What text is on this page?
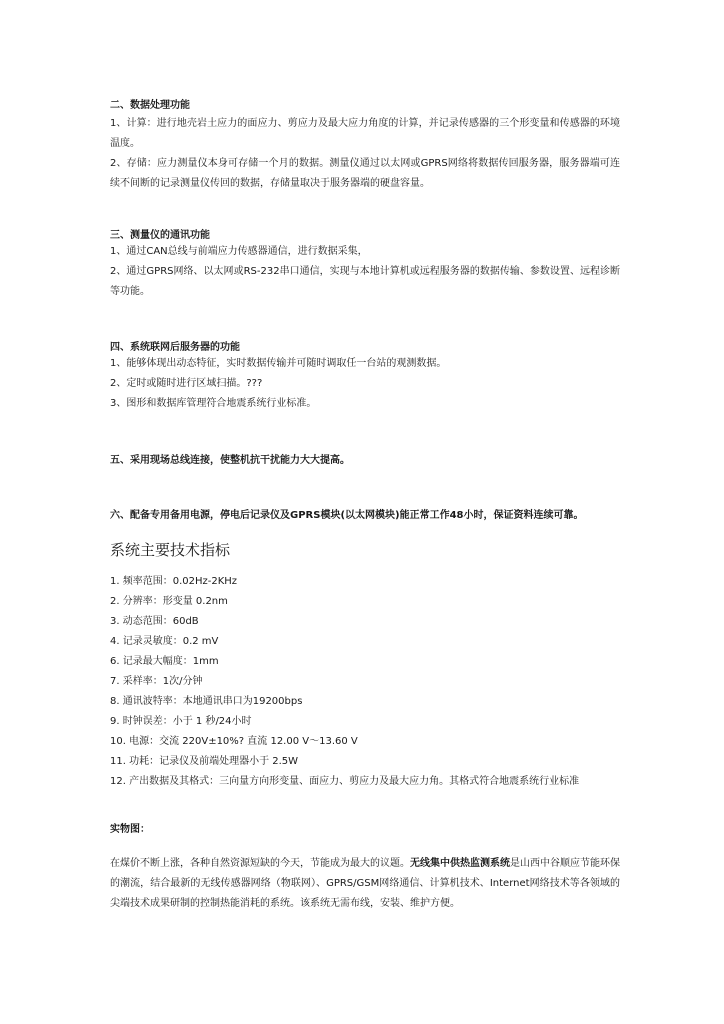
二、数据处理功能
1、计算：进行地壳岩土应力的面应力、剪应力及最大应力角度的计算，并记录传感器的三个形变量和传感器的环境温度。
2、存储：应力测量仪本身可存储一个月的数据。测量仪通过以太网或GPRS网络将数据传回服务器，服务器端可连续不间断的记录测量仪传回的数据，存储量取决于服务器端的硬盘容量。
三、测量仪的通讯功能
1、通过CAN总线与前端应力传感器通信，进行数据采集，
2、通过GPRS网络、以太网或RS-232串口通信，实现与本地计算机或远程服务器的数据传输、参数设置、远程诊断等功能。
四、系统联网后服务器的功能
1、能够体现出动态特征，实时数据传输并可随时调取任一台站的观测数据。
2、定时或随时进行区域扫描。???
3、图形和数据库管理符合地震系统行业标准。
五、采用现场总线连接，使整机抗干扰能力大大提高。
六、配备专用备用电源，停电后记录仪及GPRS模块(以太网模块)能正常工作48小时，保证资料连续可靠。
系统主要技术指标
1. 频率范围：0.02Hz-2KHz
2. 分辨率：形变量 0.2nm
3. 动态范围：60dB
4. 记录灵敏度：0.2 mV
6. 记录最大幅度：1mm
7. 采样率：1次/分钟
8. 通讯波特率：本地通讯串口为19200bps
9. 时钟误差：小于 1 秒/24小时
10. 电源：交流 220V±10%? 直流 12.00 V～13.60 V
11. 功耗：记录仪及前端处理器小于 2.5W
12. 产出数据及其格式：三向量方向形变量、面应力、剪应力及最大应力角。其格式符合地震系统行业标准
实物图：
在煤价不断上涨，各种自然资源短缺的今天，节能成为最大的议题。无线集中供热监测系统是山西中谷顺应节能环保的潮流，结合最新的无线传感器网络（物联网）、GPRS/GSM网络通信、计算机技术、Internet网络技术等各领域的尖端技术成果研制的控制热能消耗的系统。该系统无需布线，安装、维护方便。
